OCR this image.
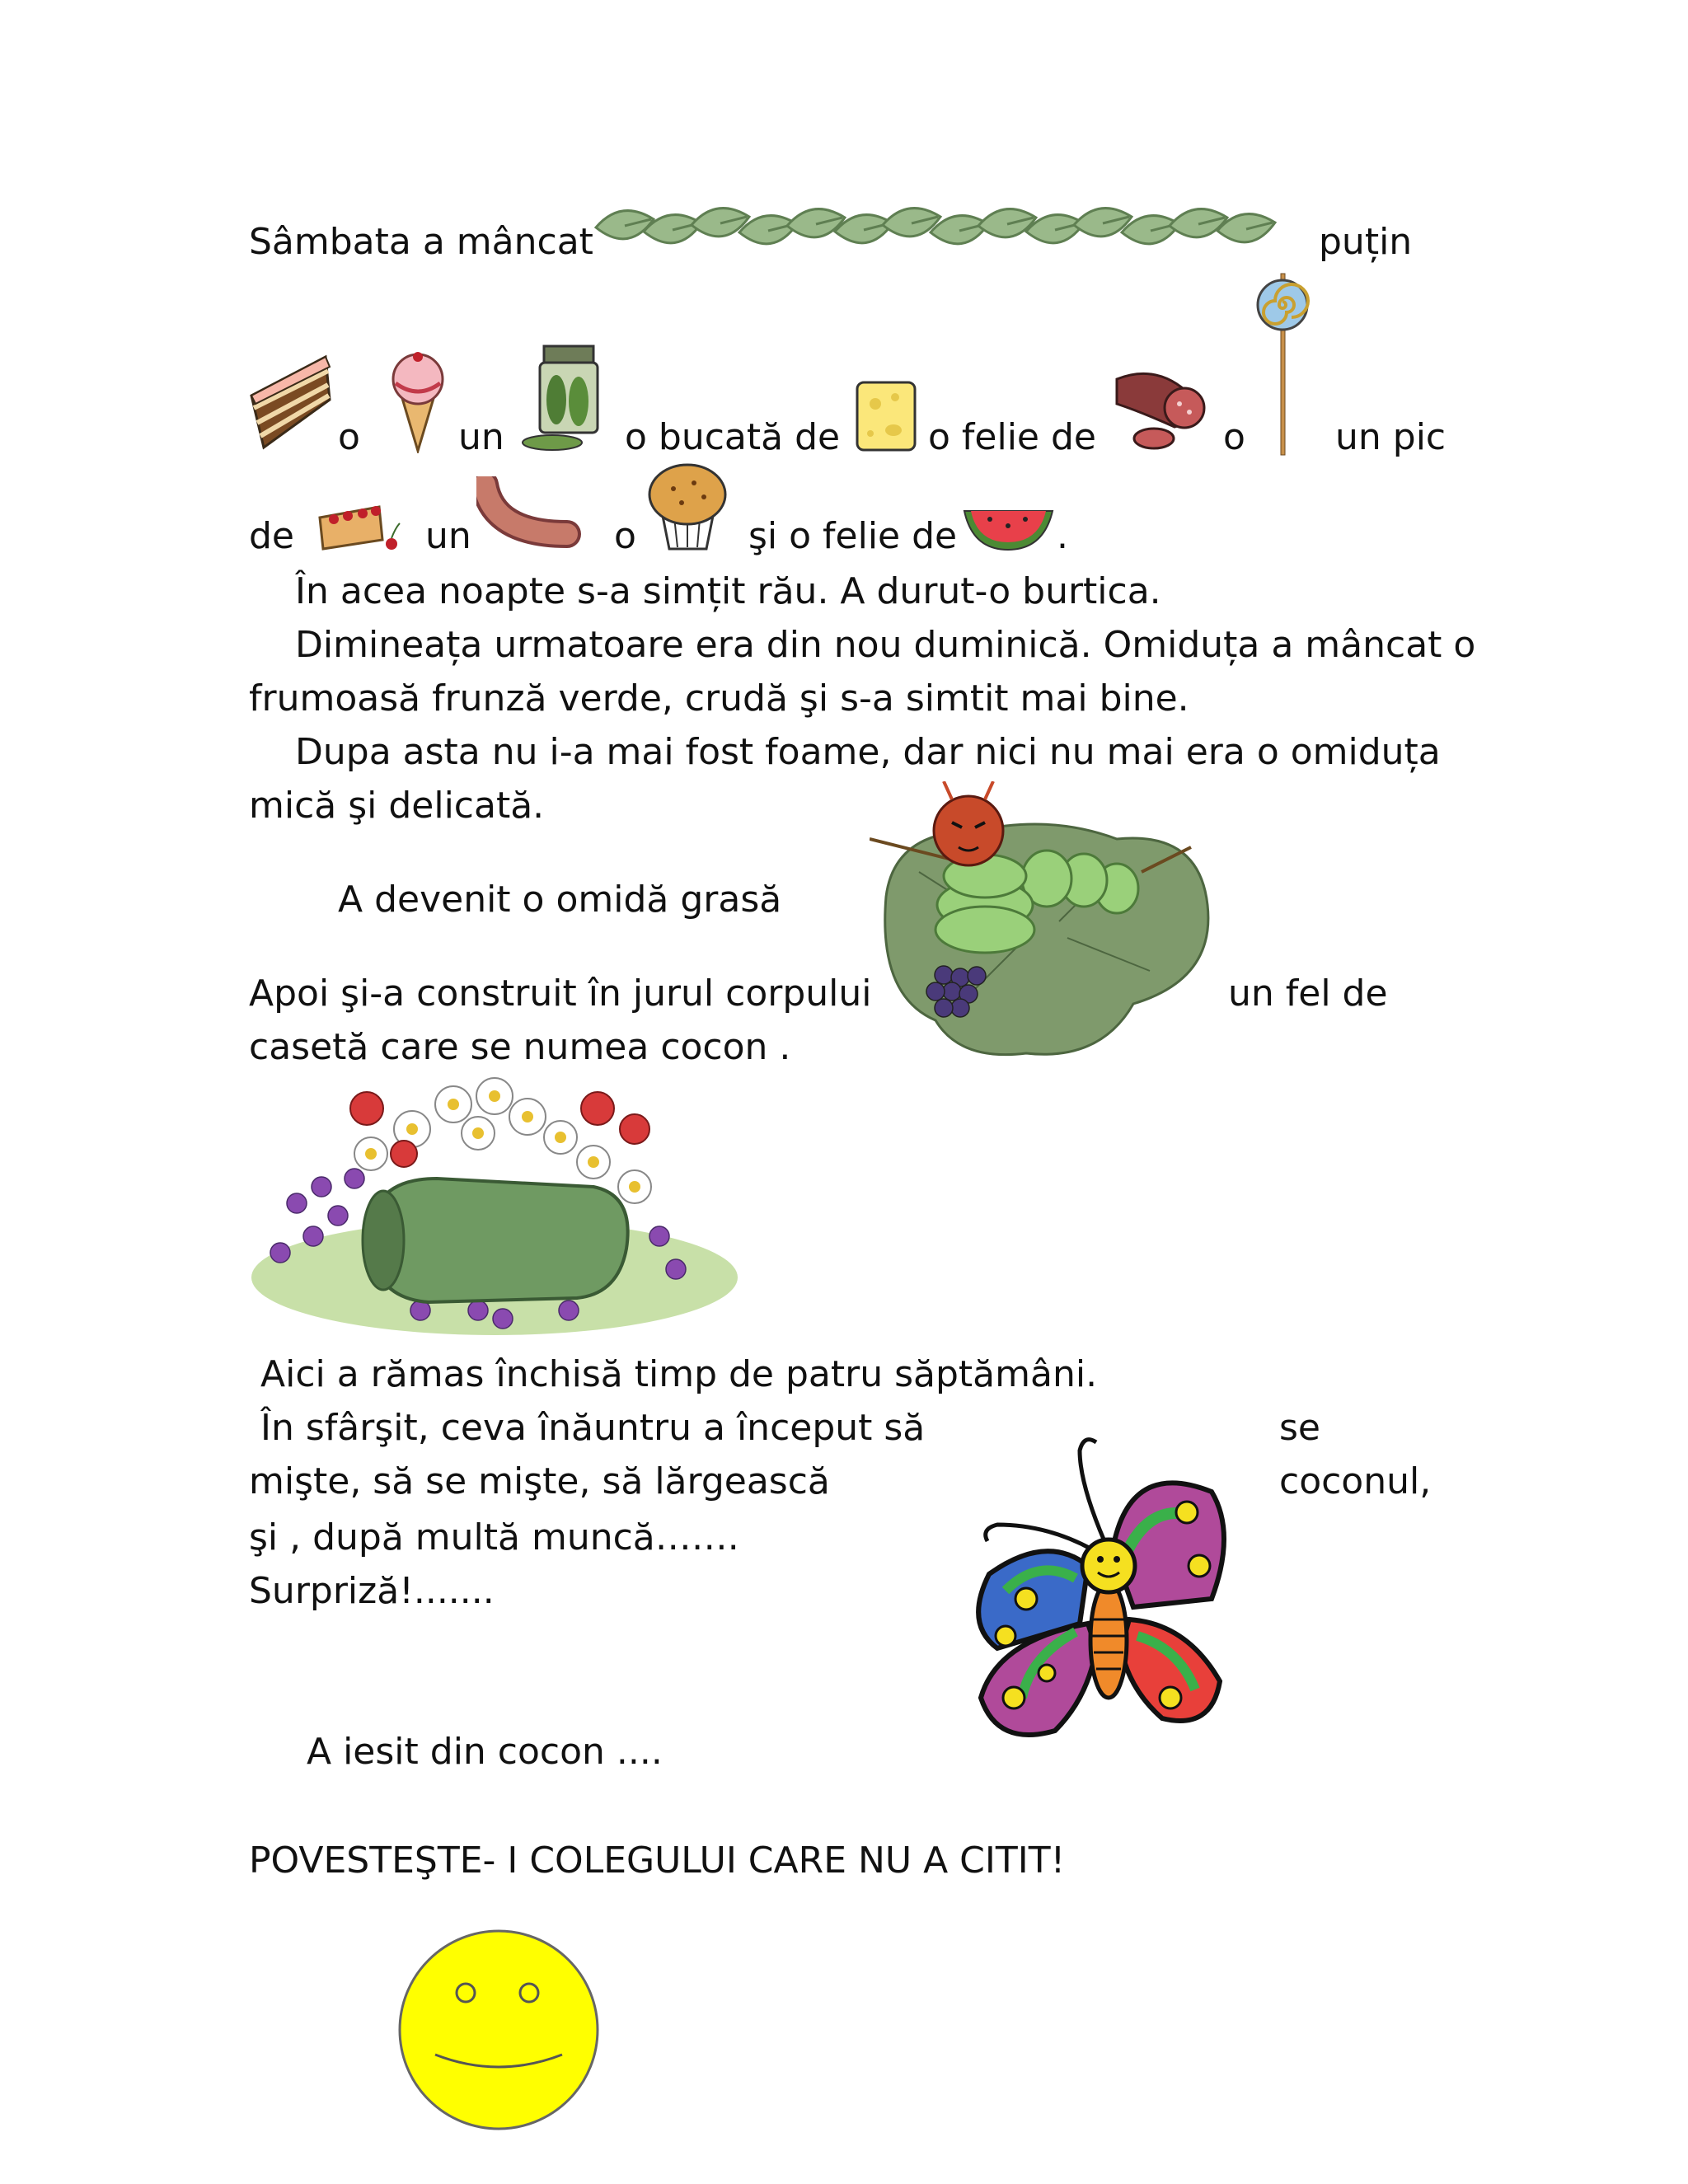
Sâmbata a mâncat	puțin
o	un	o bucată de o felie de	o un pic
de	un	o	şi o felie de	.
În acea noapte s-a simțit rău. A durut-o burtica.
Dimineața urmatoare era din nou duminică. Omiduța a mâncat o
frumoasă frunză verde, crudă şi s-a simtit mai bine.
Dupa asta nu i-a mai fost foame, dar nici nu mai era o omiduța
mică şi delicată.
A devenit o omidă grasă
Apoi şi-a construit în jurul corpului	un fel de
casetă care se numea cocon .
Aici a rămas închisă timp de patru săptămâni.
În sfârşit, ceva înăuntru a început să	se
mişte, să se mişte, să lărgească	coconul,
şi , după multă muncă…….
Surpriză!.......
A iesit din cocon ....
POVESTEŞTE- I COLEGULUI CARE NU A CITIT!
